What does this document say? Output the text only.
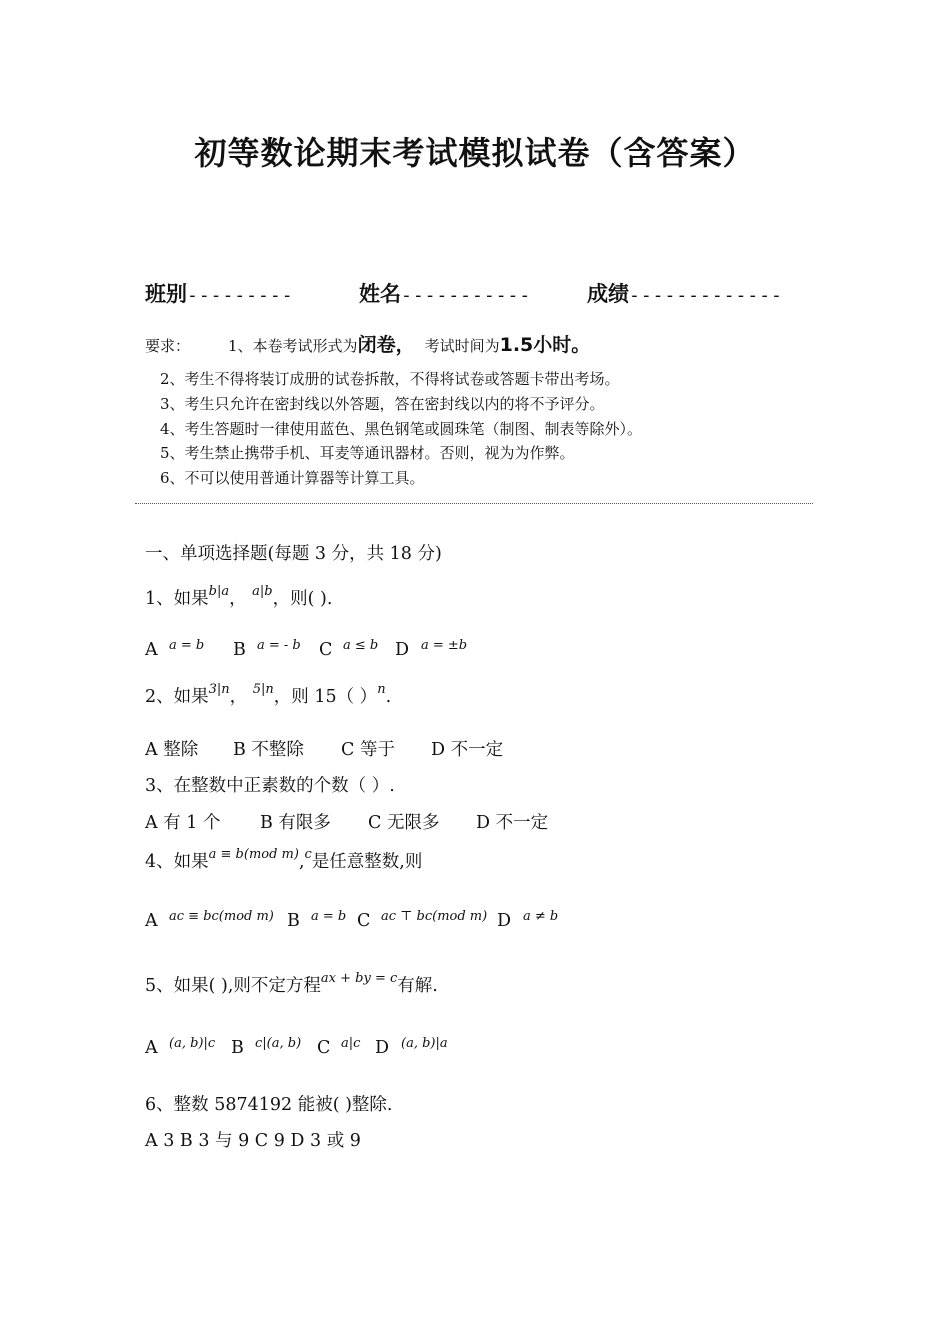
初等数论期末考试模拟试卷（含答案）
班别---------	姓名-----------	成绩-------------
要求：	1、本卷考试形式为闭卷， 考试时间为1.5小时。
2、考生不得将装订成册的试卷拆散，不得将试卷或答题卡带出考场。
3、考生只允许在密封线以外答题，答在密封线以内的将不予评分。
4、考生答题时一律使用蓝色、黑色钢笔或圆珠笔（制图、制表等除外）。
5、考生禁止携带手机、耳麦等通讯器材。否则，视为为作弊。
6、不可以使用普通计算器等计算工具。
一、单项选择题(每题 3 分，共 18 分)
1、如果$^{b|a}$， $^{a|b}$，则( ).
A a = b B a = - b C a ≤ b D $^{a = \pm b}$
2、如果$^{3|n}$， $^{5|n}$，则 15（ ）$^n$.
A 整除 B 不整除 C 等于 D 不一定
3、在整数中正素数的个数（ ）.
A 有 1 个 B 有限多 C 无限多 D 不一定
4、如果$^{a \equiv b(mod m)}$,$^c$是任意整数,则
A ac ≡ bc(mod m) B a = b C ac ⊤ bc(mod m) D $^{a \ne b}$
5、如果( ),则不定方程$^{ax + by = c}$有解.
A (a, b)|c B c|(a, b) C a|c D $^{(a, b)|a}$
6、整数 5874192 能被( )整除.
A 3 B 3 与 9 C 9 D 3 或 9
